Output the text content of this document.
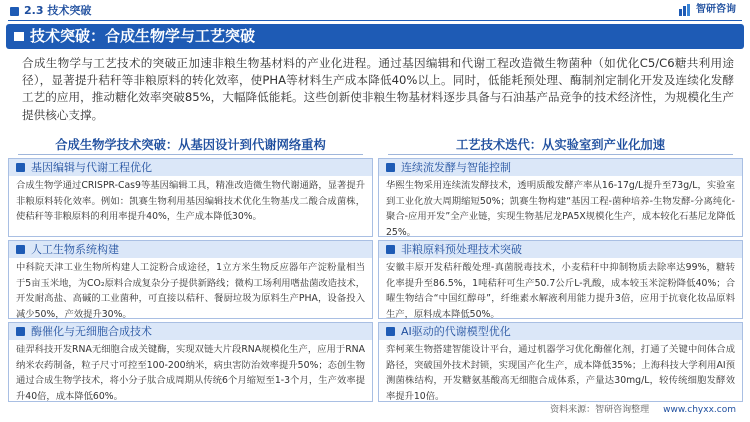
2.3 技术突破	智研咨询
技术突破：合成生物学与工艺突破

合成生物学与工艺技术的突破正加速非粮生物基材料的产业化进程。通过基因编辑和代谢工程改造微生物菌种（如优化C5/C6糖共利用途径），显著提升秸秆等非粮原料的转化效率，使PHA等材料生产成本降低40%以上。同时，低能耗预处理、酶制剂定制化开发及连续化发酵工艺的应用，推动糖化效率突破85%，大幅降低能耗。这些创新使非粮生物基材料逐步具备与石油基产品竞争的技术经济性，为规模化生产提供核心支撑。

合成生物学技术突破：从基因设计到代谢网络重构
基因编辑与代谢工程优化
合成生物学通过CRISPR-Cas9等基因编辑工具，精准改造微生物代谢通路，显著提升非粮原料转化效率。例如：凯赛生物利用基因编辑技术优化生物基戊二酸合成菌株，使秸秆等非粮原料的利用率提升40%，生产成本降低30%。
人工生物系统构建
中科院天津工业生物所构建人工淀粉合成途径，1立方米生物反应器年产淀粉量相当于5亩玉米地，为CO₂原料合成复杂分子提供新路线；微构工场利用嗜盐菌改造技术，开发耐高盐、高碱的工业菌种，可直接以秸秆、餐厨垃圾为原料生产PHA，设备投入减少50%，产效提升30%。
酶催化与无细胞合成技术
硅羿科技开发RNA无细胞合成关键酶，实现双链大片段RNA规模化生产，应用于RNA纳米农药制备，粒子尺寸可控至100-200纳米，病虫害防治效率提升50%；态创生物通过合成生物学技术，将小分子肽合成周期从传统6个月缩短至1-3个月，生产效率提升40倍，成本降低60%。
工艺技术迭代：从实验室到产业化加速
连续流发酵与智能控制
华熙生物采用连续流发酵技术，透明质酸发酵产率从16-17g/L提升至73g/L，实验室到工业化放大周期缩短50%；凯赛生物构建“基因工程-菌种培养-生物发酵-分离纯化-聚合-应用开发”全产业链，实现生物基尼龙PA5X规模化生产，成本较化石基尼龙降低25%。
非粮原料预处理技术突破
安徽丰原开发秸秆酸处理-真菌脱毒技术，小麦秸秆中抑制物质去除率达99%，糖转化率提升至86.5%，1吨秸秆可生产50.7公斤L-乳酸，成本较玉米淀粉降低40%；合曜生物结合“中国红醇母”，纤维素水解液利用能力提升3倍，应用于抗衰化妆品原料生产，原料成本降低50%。
AI驱动的代谢模型优化
弈柯莱生物搭建智能设计平台，通过机器学习优化酶催化剂，打通了关键中间体合成路径，突破国外技术封锁，实现国产化生产，成本降低35%；上海科技大学利用AI预测菌株结构，开发糖氨基酸高无细胞合成体系，产量达30mg/L，较传统细胞发酵效率提升10倍。
资料来源：智研咨询整理 www.chyxx.com
